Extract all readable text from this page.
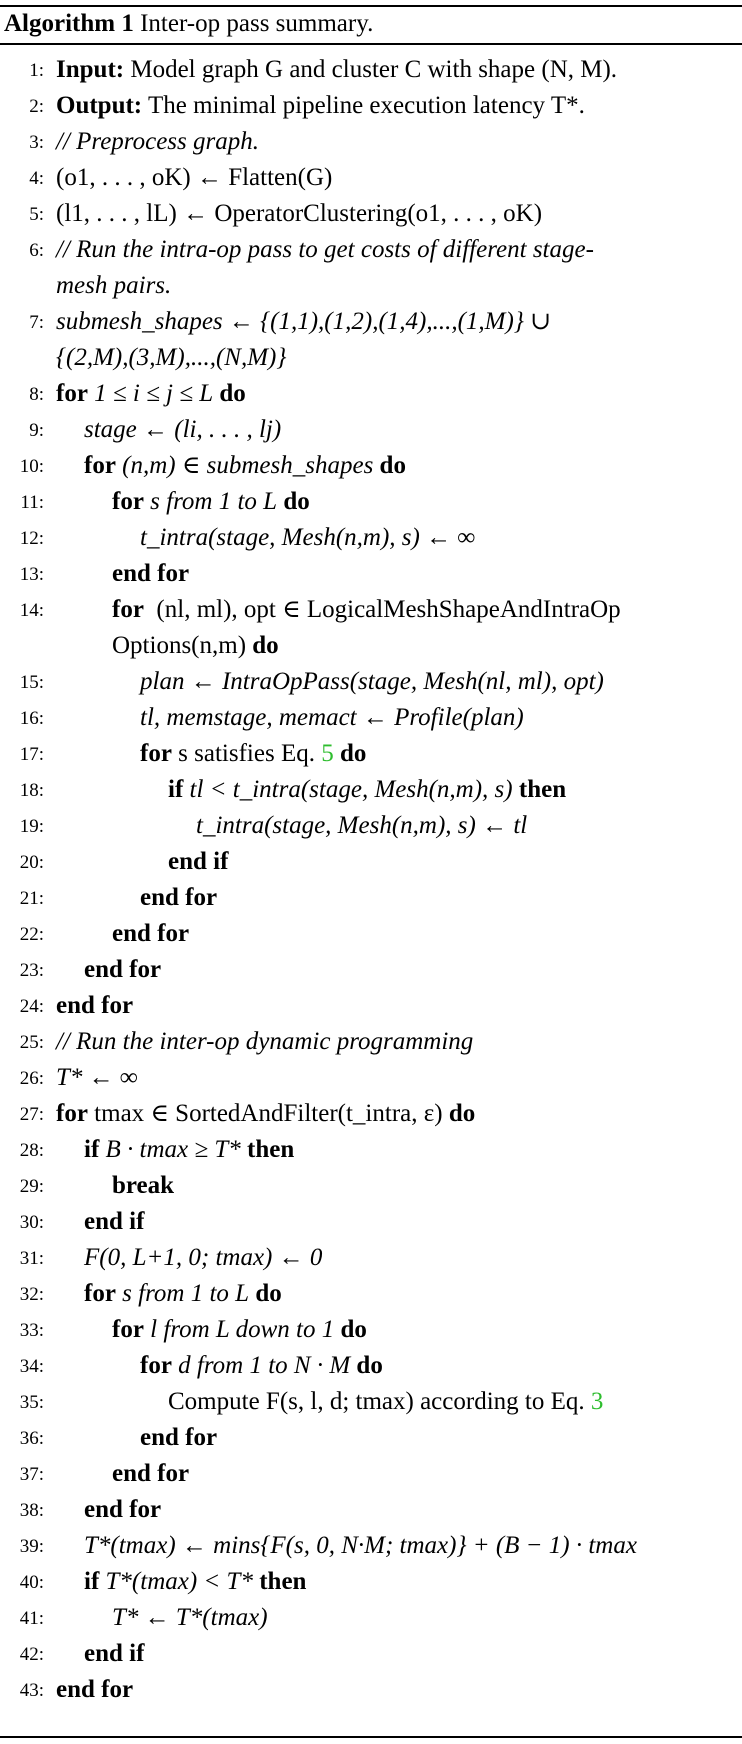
Algorithm 1
Inter-op pass summary.
1: Input: Model graph G and cluster C with shape (N, M).
2: Output: The minimal pipeline execution latency T*.
3: // Preprocess graph.
4: (o1, . . . , oK) ← Flatten(G)
5: (l1, . . . , lL) ← OperatorClustering(o1, . . . , oK)
6: // Run the intra-op pass to get costs of different stage-
mesh pairs.
7: submesh_shapes ← {(1,1),(1,2),(1,4),...,(1,M)} ∪
{(2,M),(3,M),...,(N,M)}
8: for 1 ≤ i ≤ j ≤ L do
9: stage ← (li, . . . , lj)
10: for (n,m) ∈ submesh_shapes do
11:	for s from 1 to L do
12:	t_intra(stage, Mesh(n,m), s) ← ∞
13:	end for
14:	for (nl, ml), opt ∈ LogicalMeshShapeAndIntraOp
Options(n,m) do
15:	plan ← IntraOpPass(stage, Mesh(nl, ml), opt)
16:	tl, memstage, memact ← Profile(plan)
17:	for s satisfies Eq. 5 do
18:	if tl < t_intra(stage, Mesh(n,m), s) then
19:	t_intra(stage, Mesh(n,m), s) ← tl
20:	end if
21:	end for
22:	end for
23: end for
24: end for
25: // Run the inter-op dynamic programming
26: T* ← ∞
27: for tmax ∈ SortedAndFilter(t_intra, ε) do
28: if B · tmax ≥ T* then
29:	break
30: end if
31: F(0, L+1, 0; tmax) ← 0
32: for s from 1 to L do
33:	for l from L down to 1 do
34:	for d from 1 to N · M do
35:	Compute F(s, l, d; tmax) according to Eq. 3
36:	end for
37:	end for
38: end for
39: T*(tmax) ← mins{F(s, 0, N·M; tmax)} + (B − 1) · tmax
40: if T*(tmax) < T* then
41:	T* ← T*(tmax)
42: end if
43: end for
